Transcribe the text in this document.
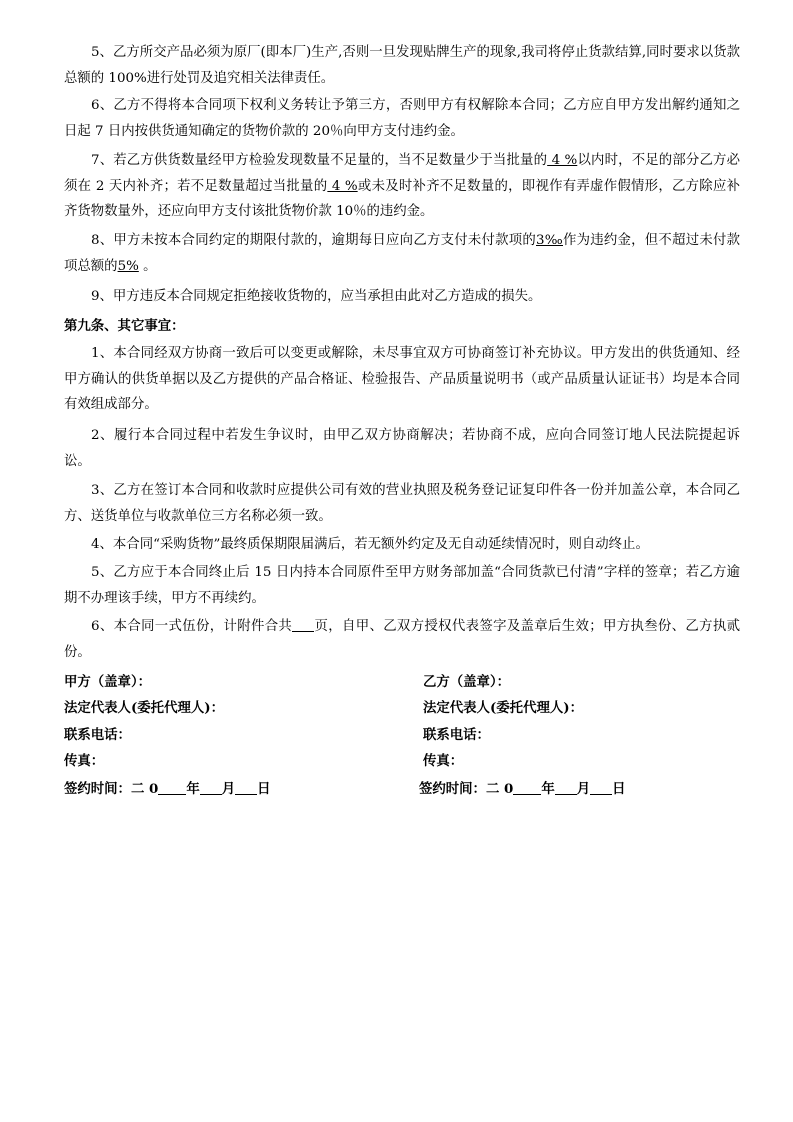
5、乙方所交产品必须为原厂(即本厂)生产,否则一旦发现贴牌生产的现象,我司将停止货款结算,同时要求以货款总额的 100%进行处罚及追究相关法律责任。
6、乙方不得将本合同项下权利义务转让予第三方，否则甲方有权解除本合同；乙方应自甲方发出解约通知之日起 7 日内按供货通知确定的货物价款的 20％向甲方支付违约金。
7、若乙方供货数量经甲方检验发现数量不足量的，当不足数量少于当批量的 4 %以内时，不足的部分乙方必须在 2 天内补齐；若不足数量超过当批量的 4 %或未及时补齐不足数量的，即视作有弄虚作假情形，乙方除应补齐货物数量外，还应向甲方支付该批货物价款 10％的违约金。
8、甲方未按本合同约定的期限付款的，逾期每日应向乙方支付未付款项的3‰作为违约金，但不超过未付款项总额的5% 。
9、甲方违反本合同规定拒绝接收货物的，应当承担由此对乙方造成的损失。
第九条、其它事宜：
1、本合同经双方协商一致后可以变更或解除，未尽事宜双方可协商签订补充协议。甲方发出的供货通知、经甲方确认的供货单据以及乙方提供的产品合格证、检验报告、产品质量说明书（或产品质量认证证书）均是本合同有效组成部分。
2、履行本合同过程中若发生争议时，由甲乙双方协商解决；若协商不成，应向合同签订地人民法院提起诉讼。
3、乙方在签订本合同和收款时应提供公司有效的营业执照及税务登记证复印件各一份并加盖公章，本合同乙方、送货单位与收款单位三方名称必须一致。
4、本合同“采购货物”最终质保期限届满后，若无额外约定及无自动延续情况时，则自动终止。
5、乙方应于本合同终止后 15 日内持本合同原件至甲方财务部加盖“合同货款已付清”字样的签章；若乙方逾期不办理该手续，甲方不再续约。
6、本合同一式伍份，计附件合共 页，自甲、乙双方授权代表签字及盖章后生效；甲方执叁份、乙方执贰份。
甲方（盖章）：
法定代表人(委托代理人)：
联系电话：
传真：
签约时间：二 0 年 月 日
乙方（盖章）：
法定代表人(委托代理人)：
联系电话：
传真：
签约时间：二 0 年 月 日
